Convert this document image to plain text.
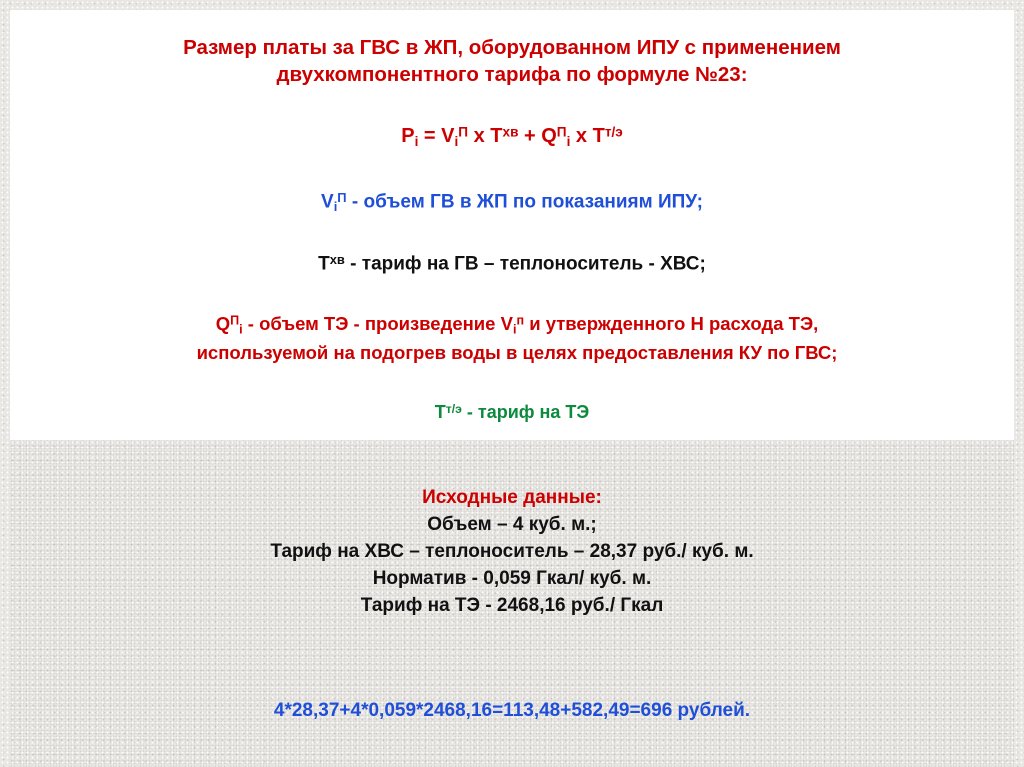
Размер платы за ГВС в ЖП, оборудованном ИПУ с применением
двухкомпонентного тарифа по формуле №23:
$P_i = V_i^П$ x $T^{хв} + Q^П_i$ x $T^{т/э}$
$V_i^П$ - объем ГВ в ЖП по показаниям ИПУ;
$T^{хв}$ - тариф на ГВ – теплоноситель - ХВС;
$Q^П_i$ - объем ТЭ - произведение $V_i^п$ и утвержденного Н расхода ТЭ,
используемой на подогрев воды в целях предоставления КУ по ГВС;
$T^{т/э}$ - тариф на ТЭ
Исходные данные:
Объем – 4 куб. м.;
Тариф на ХВС – теплоноситель – 28,37 руб./ куб. м.
Норматив - 0,059 Гкал/ куб. м.
Тариф на ТЭ - 2468,16 руб./ Гкал
4*28,37+4*0,059*2468,16=113,48+582,49=696 рублей.
